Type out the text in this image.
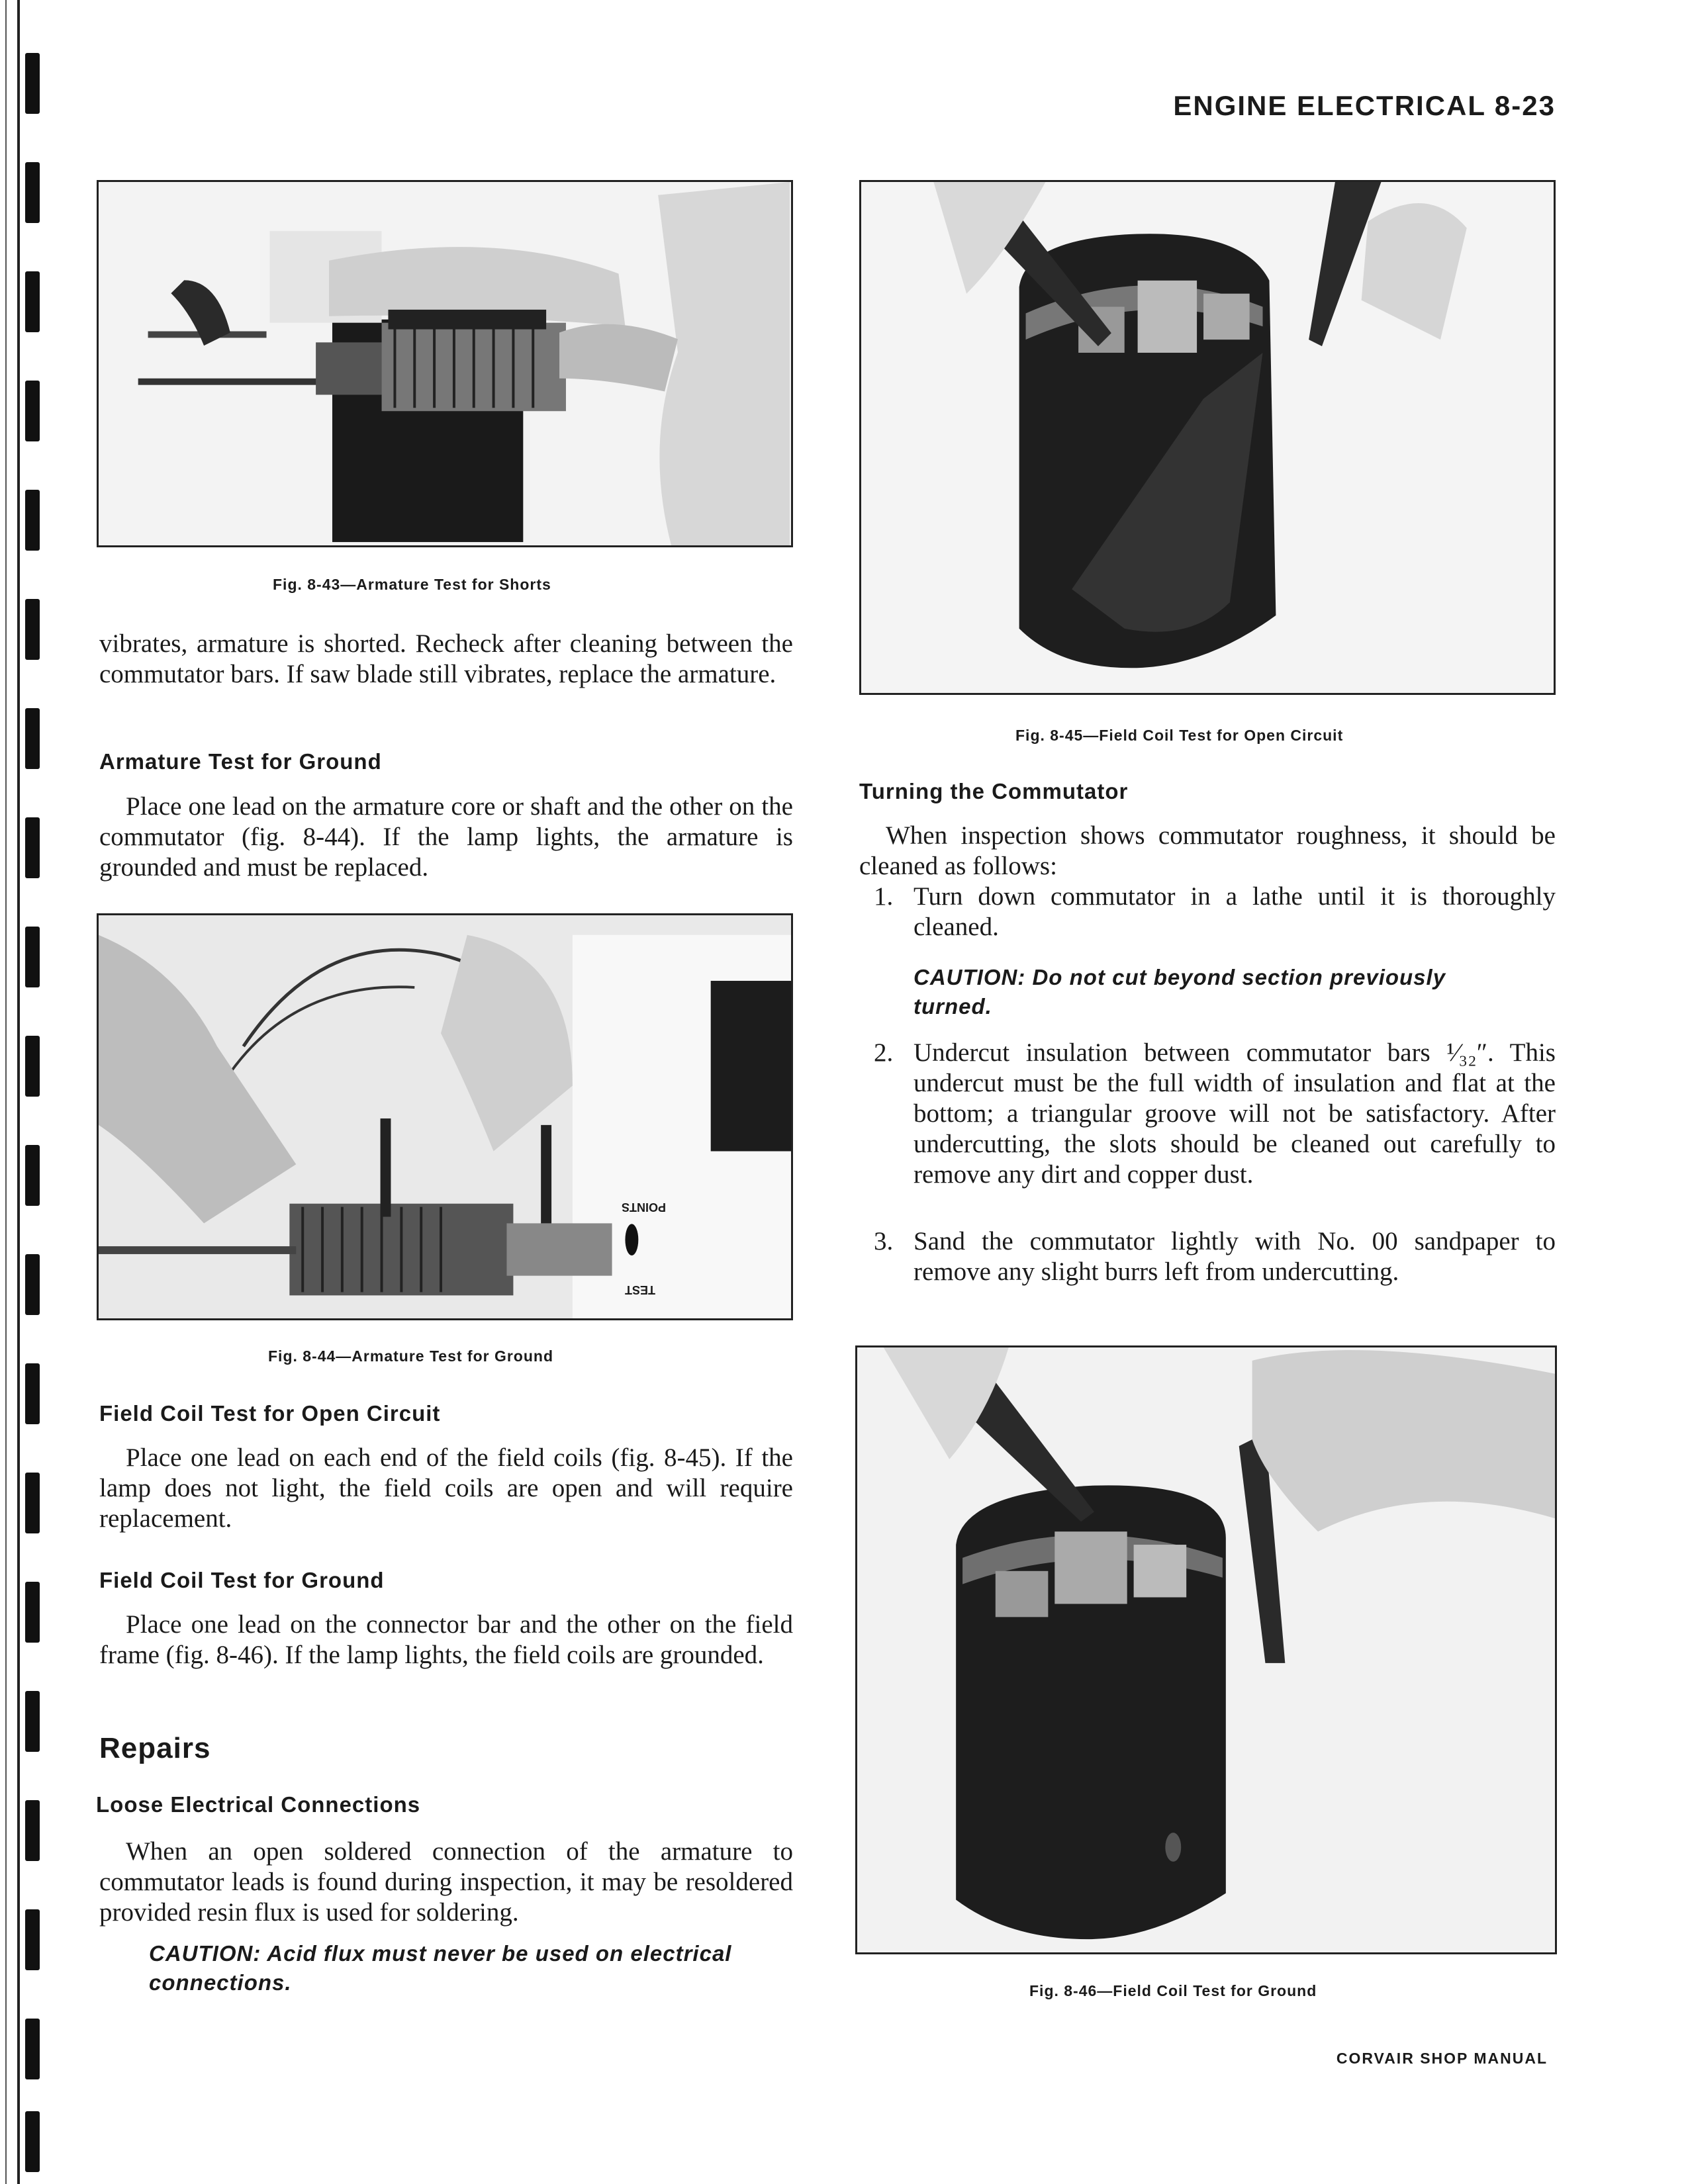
ENGINE ELECTRICAL 8-23
Fig. 8-43—Armature Test for Shorts

vibrates, armature is shorted. Recheck after cleaning between the commutator bars. If saw blade still vibrates, replace the armature.

Armature Test for Ground

Place one lead on the armature core or shaft and the other on the commutator (fig. 8-44). If the lamp lights, the armature is grounded and must be replaced.

POINTS
TEST
Fig. 8-44—Armature Test for Ground
Field Coil Test for Open Circuit

Place one lead on each end of the field coils (fig. 8-45). If the lamp does not light, the field coils are open and will require replacement.

Field Coil Test for Ground

Place one lead on the connector bar and the other on the field frame (fig. 8-46). If the lamp lights, the field coils are grounded.

Repairs
Loose Electrical Connections

When an open soldered connection of the armature to commutator leads is found during inspection, it may be resoldered provided resin flux is used for soldering.

CAUTION: Acid flux must never be used on electrical connections.
Fig. 8-45—Field Coil Test for Open Circuit
Turning the Commutator

When inspection shows commutator roughness, it should be cleaned as follows:

1. Turn down commutator in a lathe until it is thoroughly cleaned.
CAUTION: Do not cut beyond section previously turned.
2. Undercut insulation between commutator bars ¹⁄₃₂″. This undercut must be the full width of insulation and flat at the bottom; a triangular groove will not be satisfactory. After undercutting, the slots should be cleaned out carefully to remove any dirt and copper dust.
3. Sand the commutator lightly with No. 00 sandpaper to remove any slight burrs left from undercutting.
Fig. 8-46—Field Coil Test for Ground
CORVAIR SHOP MANUAL
